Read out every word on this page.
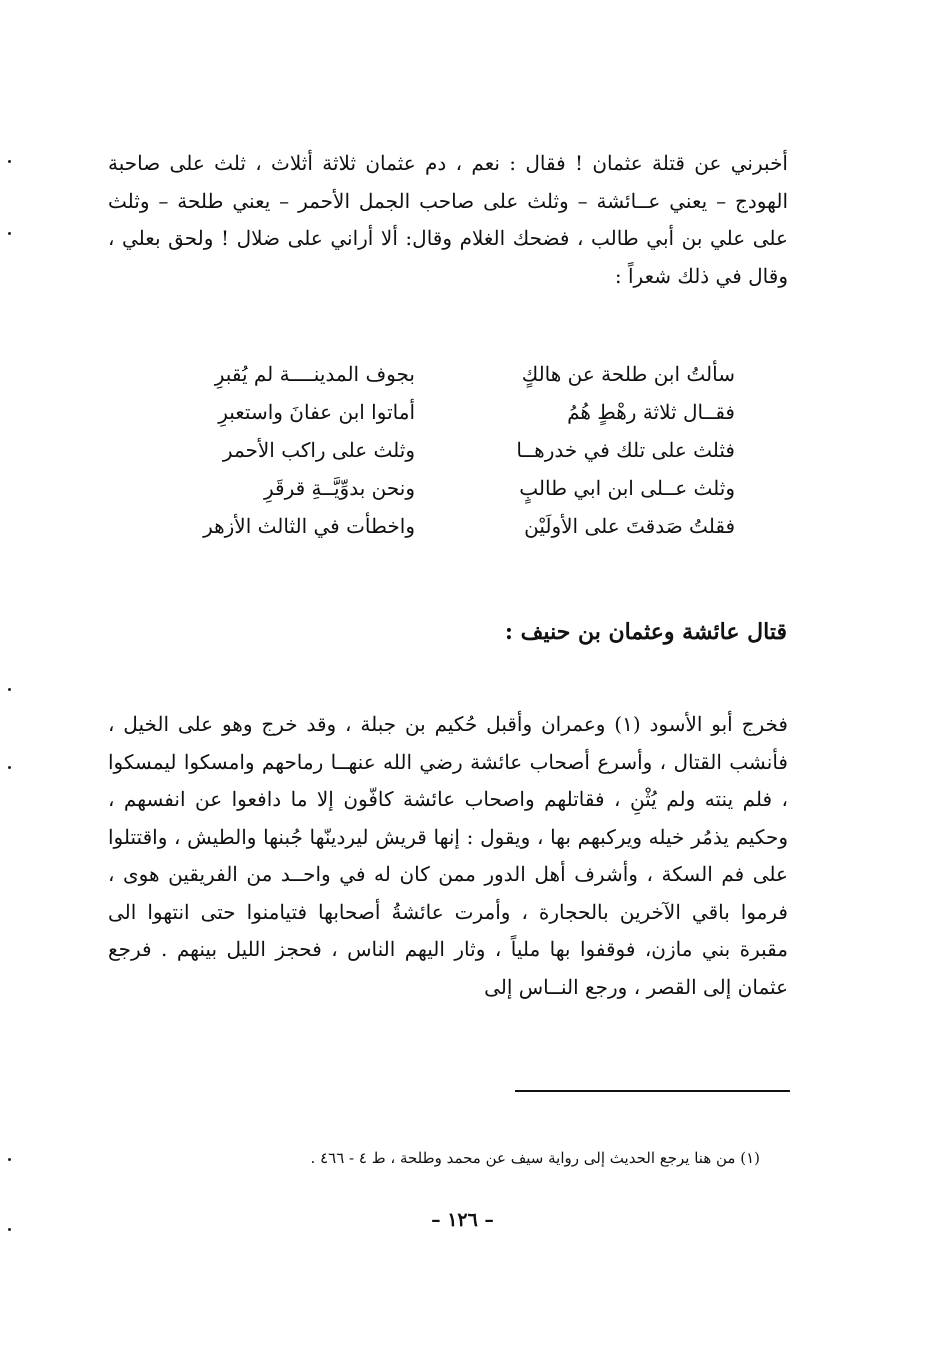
أخبرني عن قتلة عثمان ! فقال : نعم ، دم عثمان ثلاثة أثلاث ، ثلث على صاحبة الهودج – يعني عــائشة – وثلث على صاحب الجمل الأحمر – يعني طلحة – وثلث على علي بن أبي طالب ، فضحك الغلام وقال: ألا أراني على ضلال ! ولحق بعلي ، وقال في ذلك شعراً :

سألتُ ابن طلحة عن هالكٍ
بجوف المدينــــة لم يُقبرِ
فقــال ثلاثة رهْطٍ هُمُ
أماتوا ابن عفانَ واستعبرِ
فثلث على تلك في خدرهــا
وثلث على راكب الأحمر
وثلث عــلى ابن ابي طالبٍ
ونحن بدوِّيَّــةِ قرقَرِ
فقلتُ صَدقتَ على الأولَيْن
واخطأت في الثالث الأزهر
قتال عائشة وعثمان بن حنيف :

فخرج أبو الأسود (١) وعمران وأقبل حُكيم بن جبلة ، وقد خرج وهو على الخيل ، فأنشب القتال ، وأسرع أصحاب عائشة رضي الله عنهــا رماحهم وامسكوا ليمسكوا ، فلم ينته ولم يُثْنِ ، فقاتلهم واصحاب عائشة كافّون إلا ما دافعوا عن انفسهم ، وحكيم يذمُر خيله ويركبهم بها ، ويقول : إنها قريش ليردينّها جُبنها والطيش ، واقتتلوا على فم السكة ، وأشرف أهل الدور ممن كان له في واحــد من الفريقين هوى ، فرموا باقي الآخرين بالحجارة ، وأمرت عائشةُ أصحابها فتيامنوا حتى انتهوا الى مقبرة بني مازن، فوقفوا بها ملياً ، وثار اليهم الناس ، فحجز الليل بينهم . فرجع عثمان إلى القصر ، ورجع النــاس إلى

(١) من هنا يرجع الحديث إلى رواية سيف عن محمد وطلحة ، ط ٤ - ٤٦٦ .

– ١٢٦ –
